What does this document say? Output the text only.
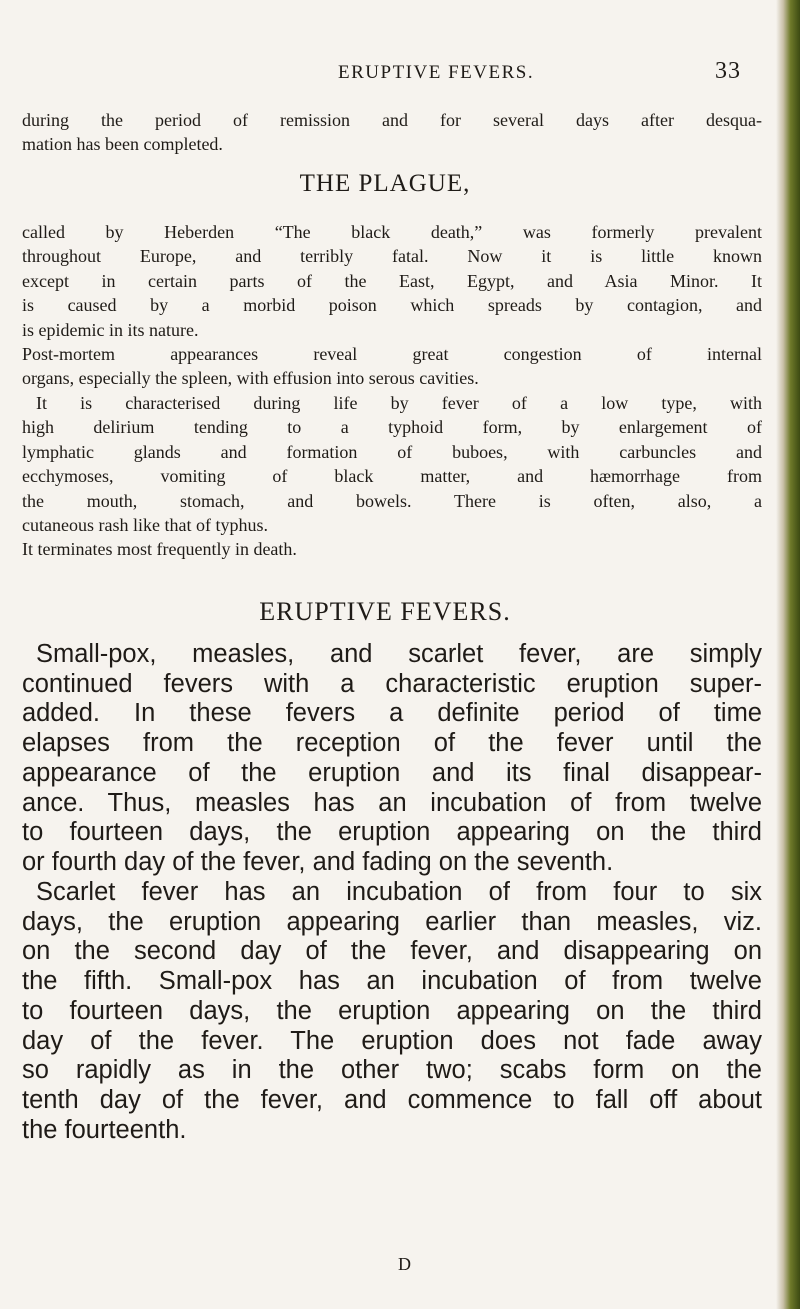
ERUPTIVE FEVERS.	33
during the period of remission and for several days after desqua-
mation has been completed.
THE PLAGUE,
called by Heberden “The black death,” was formerly prevalent
throughout Europe, and terribly fatal. Now it is little known
except in certain parts of the East, Egypt, and Asia Minor. It
is caused by a morbid poison which spreads by contagion, and
is epidemic in its nature.
Post-mortem appearances reveal great congestion of internal
organs, especially the spleen, with effusion into serous cavities.
It is characterised during life by fever of a low type, with
high delirium tending to a typhoid form, by enlargement of
lymphatic glands and formation of buboes, with carbuncles and
ecchymoses, vomiting of black matter, and hæmorrhage from
the mouth, stomach, and bowels. There is often, also, a
cutaneous rash like that of typhus.
It terminates most frequently in death.
ERUPTIVE FEVERS.
Small-pox, measles, and scarlet fever, are simply
continued fevers with a characteristic eruption super-
added. In these fevers a definite period of time
elapses from the reception of the fever until the
appearance of the eruption and its final disappear-
ance. Thus, measles has an incubation of from twelve
to fourteen days, the eruption appearing on the third
or fourth day of the fever, and fading on the seventh.
Scarlet fever has an incubation of from four to six
days, the eruption appearing earlier than measles, viz.
on the second day of the fever, and disappearing on
the fifth. Small-pox has an incubation of from twelve
to fourteen days, the eruption appearing on the third
day of the fever. The eruption does not fade away
so rapidly as in the other two; scabs form on the
tenth day of the fever, and commence to fall off about
the fourteenth.
D
